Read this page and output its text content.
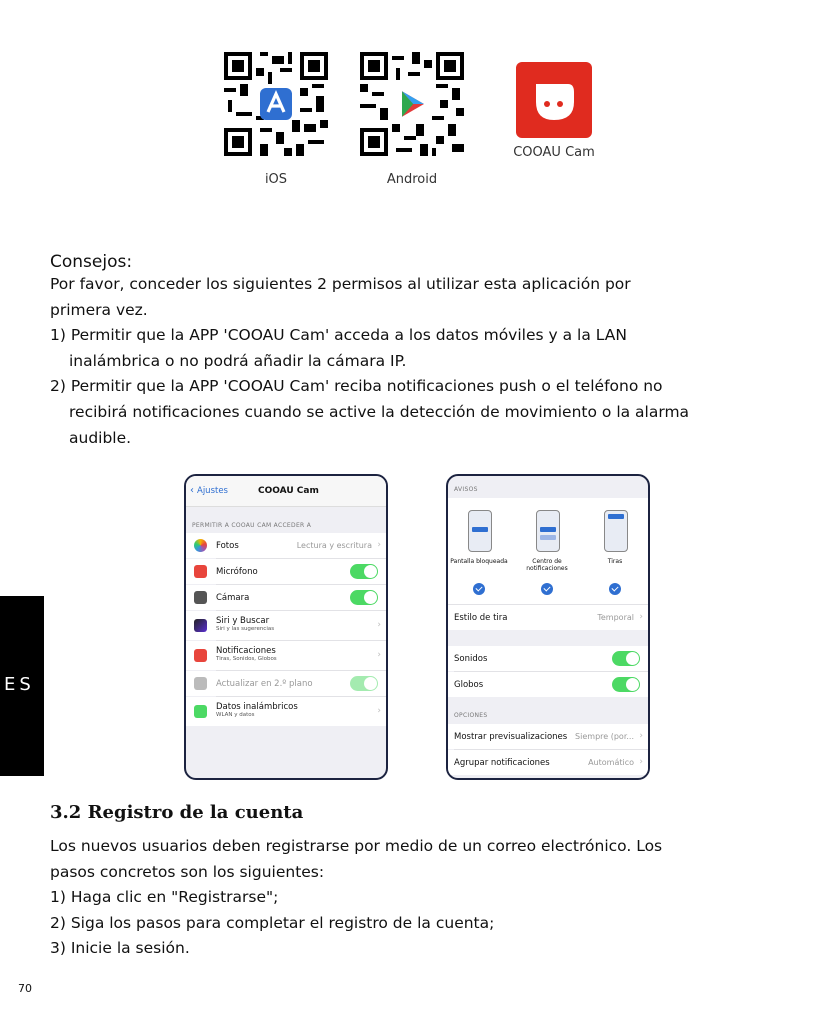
iOS	Android
COOAU Cam
Consejos:
Por favor, conceder los siguientes 2 permisos al utilizar esta aplicación por
primera vez.
1) Permitir que la APP 'COOAU Cam' acceda a los datos móviles y a la LAN
inalámbrica o no podrá añadir la cámara IP.
2) Permitir que la APP 'COOAU Cam' reciba notificaciones push o el teléfono no
recibirá notificaciones cuando se active la detección de movimiento o la alarma
audible.
‹ Ajustes	COOAU Cam
PERMITIR A COOAU CAM ACCEDER A
Fotos	Lectura y escritura ›
Micrófono
Cámara
Siri y Buscar
Siri y las sugerencias	›
Notificaciones
Tiras, Sonidos, Globos	›
Actualizar en 2.º plano
Datos inalámbricos
WLAN y datos	›
AVISOS
Pantalla bloqueada	Centro de notificaciones
Tiras
Estilo de tira	Temporal ›
Sonidos
Globos
OPCIONES
Mostrar previsualizaciones Siempre (por... ›
Agrupar notificaciones	Automático ›
ES
3.2 Registro de la cuenta
Los nuevos usuarios deben registrarse por medio de un correo electrónico. Los
pasos concretos son los siguientes:
1) Haga clic en "Registrarse";
2) Siga los pasos para completar el registro de la cuenta;
3) Inicie la sesión.
70
